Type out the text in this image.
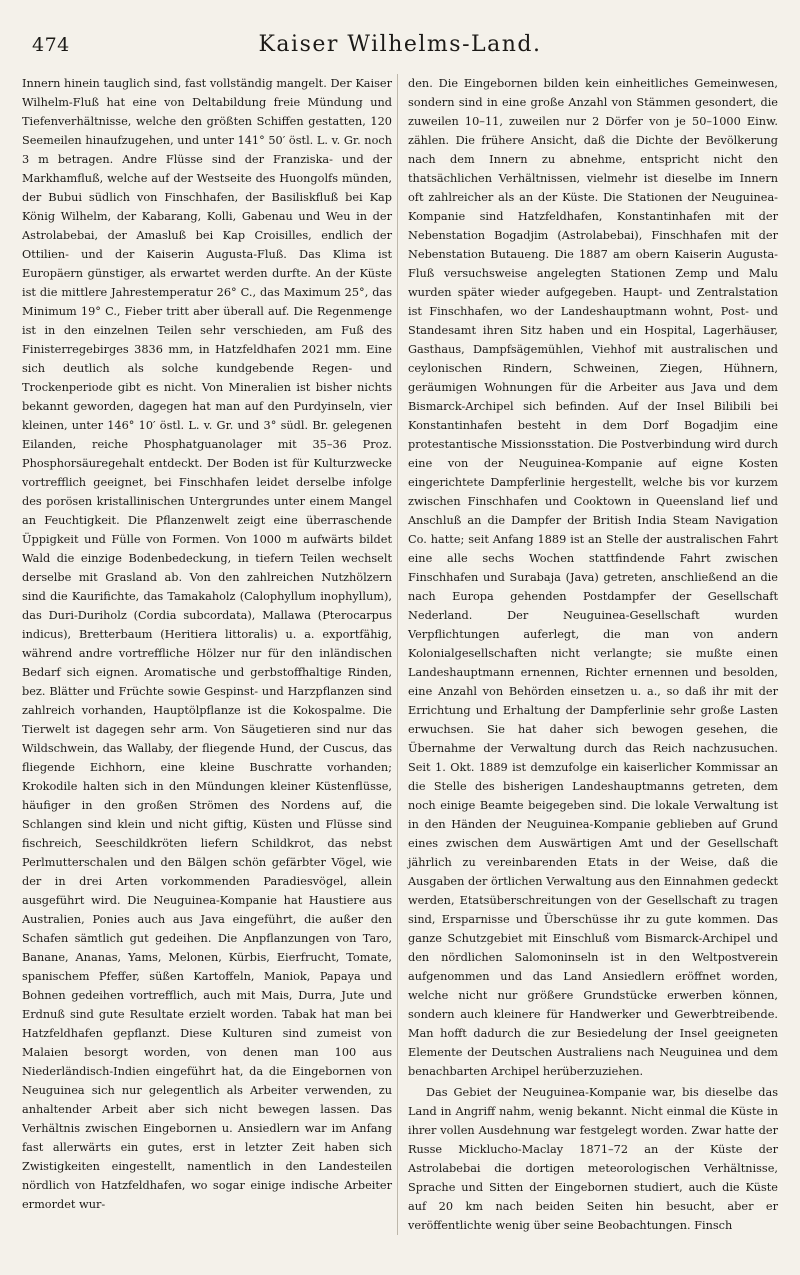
474	Kaiser Wilhelms-Land.

Innern hinein tauglich sind, fast vollständig mangelt. Der Kaiser Wilhelm-Fluß hat eine von Deltabildung freie Mündung und Tiefenverhältnisse, welche den größten Schiffen gestatten, 120 Seemeilen hinaufzugehen, und unter 141° 50′ östl. L. v. Gr. noch 3 m betragen. Andre Flüsse sind der Franziska- und der Markhamfluß, welche auf der Westseite des Huongolfs münden, der Bubui südlich von Finschhafen, der Basiliskfluß bei Kap König Wilhelm, der Kabarang, Kolli, Gabenau und Weu in der Astrolabebai, der Amasluß bei Kap Croisilles, endlich der Ottilien- und der Kaiserin Augusta-Fluß. Das Klima ist Europäern günstiger, als erwartet werden durfte. An der Küste ist die mittlere Jahrestemperatur 26° C., das Maximum 25°, das Minimum 19° C., Fieber tritt aber überall auf. Die Regenmenge ist in den einzelnen Teilen sehr verschieden, am Fuß des Finisterregebirges 3836 mm, in Hatzfeldhafen 2021 mm. Eine sich deutlich als solche kundgebende Regen- und Trockenperiode gibt es nicht. Von Mineralien ist bisher nichts bekannt geworden, dagegen hat man auf den Purdyinseln, vier kleinen, unter 146° 10′ östl. L. v. Gr. und 3° südl. Br. gelegenen Eilanden, reiche Phosphatguanolager mit 35–36 Proz. Phosphorsäuregehalt entdeckt. Der Boden ist für Kulturzwecke vortrefflich geeignet, bei Finschhafen leidet derselbe infolge des porösen kristallinischen Untergrundes unter einem Mangel an Feuchtigkeit. Die Pflanzenwelt zeigt eine überraschende Üppigkeit und Fülle von Formen. Von 1000 m aufwärts bildet Wald die einzige Bodenbedeckung, in tiefern Teilen wechselt derselbe mit Grasland ab. Von den zahlreichen Nutzhölzern sind die Kaurifichte, das Tamakaholz (Calophyllum inophyllum), das Duri-Duriholz (Cordia subcordata), Mallawa (Pterocarpus indicus), Bretterbaum (Heritiera littoralis) u. a. exportfähig, während andre vortreffliche Hölzer nur für den inländischen Bedarf sich eignen. Aromatische und gerbstoffhaltige Rinden, bez. Blätter und Früchte sowie Gespinst- und Harzpflanzen sind zahlreich vorhanden, Hauptölpflanze ist die Kokospalme. Die Tierwelt ist dagegen sehr arm. Von Säugetieren sind nur das Wildschwein, das Wallaby, der fliegende Hund, der Cuscus, das fliegende Eichhorn, eine kleine Buschratte vorhanden; Krokodile halten sich in den Mündungen kleiner Küstenflüsse, häufiger in den großen Strömen des Nordens auf, die Schlangen sind klein und nicht giftig, Küsten und Flüsse sind fischreich, Seeschildkröten liefern Schildkrot, das nebst Perlmutterschalen und den Bälgen schön gefärbter Vögel, wie der in drei Arten vorkommenden Paradiesvögel, allein ausgeführt wird. Die Neuguinea-Kompanie hat Haustiere aus Australien, Ponies auch aus Java eingeführt, die außer den Schafen sämtlich gut gedeihen. Die Anpflanzungen von Taro, Banane, Ananas, Yams, Melonen, Kürbis, Eierfrucht, Tomate, spanischem Pfeffer, süßen Kartoffeln, Maniok, Papaya und Bohnen gedeihen vortrefflich, auch mit Mais, Durra, Jute und Erdnuß sind gute Resultate erzielt worden. Tabak hat man bei Hatzfeldhafen gepflanzt. Diese Kulturen sind zumeist von Malaien besorgt worden, von denen man 100 aus Niederländisch-Indien eingeführt hat, da die Eingebornen von Neuguinea sich nur gelegentlich als Arbeiter verwenden, zu anhaltender Arbeit aber sich nicht bewegen lassen. Das Verhältnis zwischen Eingebornen u. Ansiedlern war im Anfang fast allerwärts ein gutes, erst in letzter Zeit haben sich Zwistigkeiten eingestellt, namentlich in den Landesteilen nördlich von Hatzfeldhafen, wo sogar einige indische Arbeiter ermordet wur-

den. Die Eingebornen bilden kein einheitliches Gemeinwesen, sondern sind in eine große Anzahl von Stämmen gesondert, die zuweilen 10–11, zuweilen nur 2 Dörfer von je 50–1000 Einw. zählen. Die frühere Ansicht, daß die Dichte der Bevölkerung nach dem Innern zu abnehme, entspricht nicht den thatsächlichen Verhältnissen, vielmehr ist dieselbe im Innern oft zahlreicher als an der Küste. Die Stationen der Neuguinea-Kompanie sind Hatzfeldhafen, Konstantinhafen mit der Nebenstation Bogadjim (Astrolabebai), Finschhafen mit der Nebenstation Butaueng. Die 1887 am obern Kaiserin Augusta-Fluß versuchsweise angelegten Stationen Zemp und Malu wurden später wieder aufgegeben. Haupt- und Zentralstation ist Finschhafen, wo der Landeshauptmann wohnt, Post- und Standesamt ihren Sitz haben und ein Hospital, Lagerhäuser, Gasthaus, Dampfsägemühlen, Viehhof mit australischen und ceylonischen Rindern, Schweinen, Ziegen, Hühnern, geräumigen Wohnungen für die Arbeiter aus Java und dem Bismarck-Archipel sich befinden. Auf der Insel Bilibili bei Konstantinhafen besteht in dem Dorf Bogadjim eine protestantische Missionsstation. Die Postverbindung wird durch eine von der Neuguinea-Kompanie auf eigne Kosten eingerichtete Dampferlinie hergestellt, welche bis vor kurzem zwischen Finschhafen und Cooktown in Queensland lief und Anschluß an die Dampfer der British India Steam Navigation Co. hatte; seit Anfang 1889 ist an Stelle der australischen Fahrt eine alle sechs Wochen stattfindende Fahrt zwischen Finschhafen und Surabaja (Java) getreten, anschließend an die nach Europa gehenden Postdampfer der Gesellschaft Nederland. Der Neuguinea-Gesellschaft wurden Verpflichtungen auferlegt, die man von andern Kolonialgesellschaften nicht verlangte; sie mußte einen Landeshauptmann ernennen, Richter ernennen und besolden, eine Anzahl von Behörden einsetzen u. a., so daß ihr mit der Errichtung und Erhaltung der Dampferlinie sehr große Lasten erwuchsen. Sie hat daher sich bewogen gesehen, die Übernahme der Verwaltung durch das Reich nachzusuchen. Seit 1. Okt. 1889 ist demzufolge ein kaiserlicher Kommissar an die Stelle des bisherigen Landeshauptmanns getreten, dem noch einige Beamte beigegeben sind. Die lokale Verwaltung ist in den Händen der Neuguinea-Kompanie geblieben auf Grund eines zwischen dem Auswärtigen Amt und der Gesellschaft jährlich zu vereinbarenden Etats in der Weise, daß die Ausgaben der örtlichen Verwaltung aus den Einnahmen gedeckt werden, Etatsüberschreitungen von der Gesellschaft zu tragen sind, Ersparnisse und Überschüsse ihr zu gute kommen. Das ganze Schutzgebiet mit Einschluß vom Bismarck-Archipel und den nördlichen Salomoninseln ist in den Weltpostverein aufgenommen und das Land Ansiedlern eröffnet worden, welche nicht nur größere Grundstücke erwerben können, sondern auch kleinere für Handwerker und Gewerbtreibende. Man hofft dadurch die zur Besiedelung der Insel geeigneten Elemente der Deutschen Australiens nach Neuguinea und dem benachbarten Archipel herüberzuziehen.

Das Gebiet der Neuguinea-Kompanie war, bis dieselbe das Land in Angriff nahm, wenig bekannt. Nicht einmal die Küste in ihrer vollen Ausdehnung war festgelegt worden. Zwar hatte der Russe Micklucho-Maclay 1871–72 an der Küste der Astrolabebai die dortigen meteorologischen Verhältnisse, Sprache und Sitten der Eingebornen studiert, auch die Küste auf 20 km nach beiden Seiten hin besucht, aber er veröffentlichte wenig über seine Beobachtungen. Finsch
